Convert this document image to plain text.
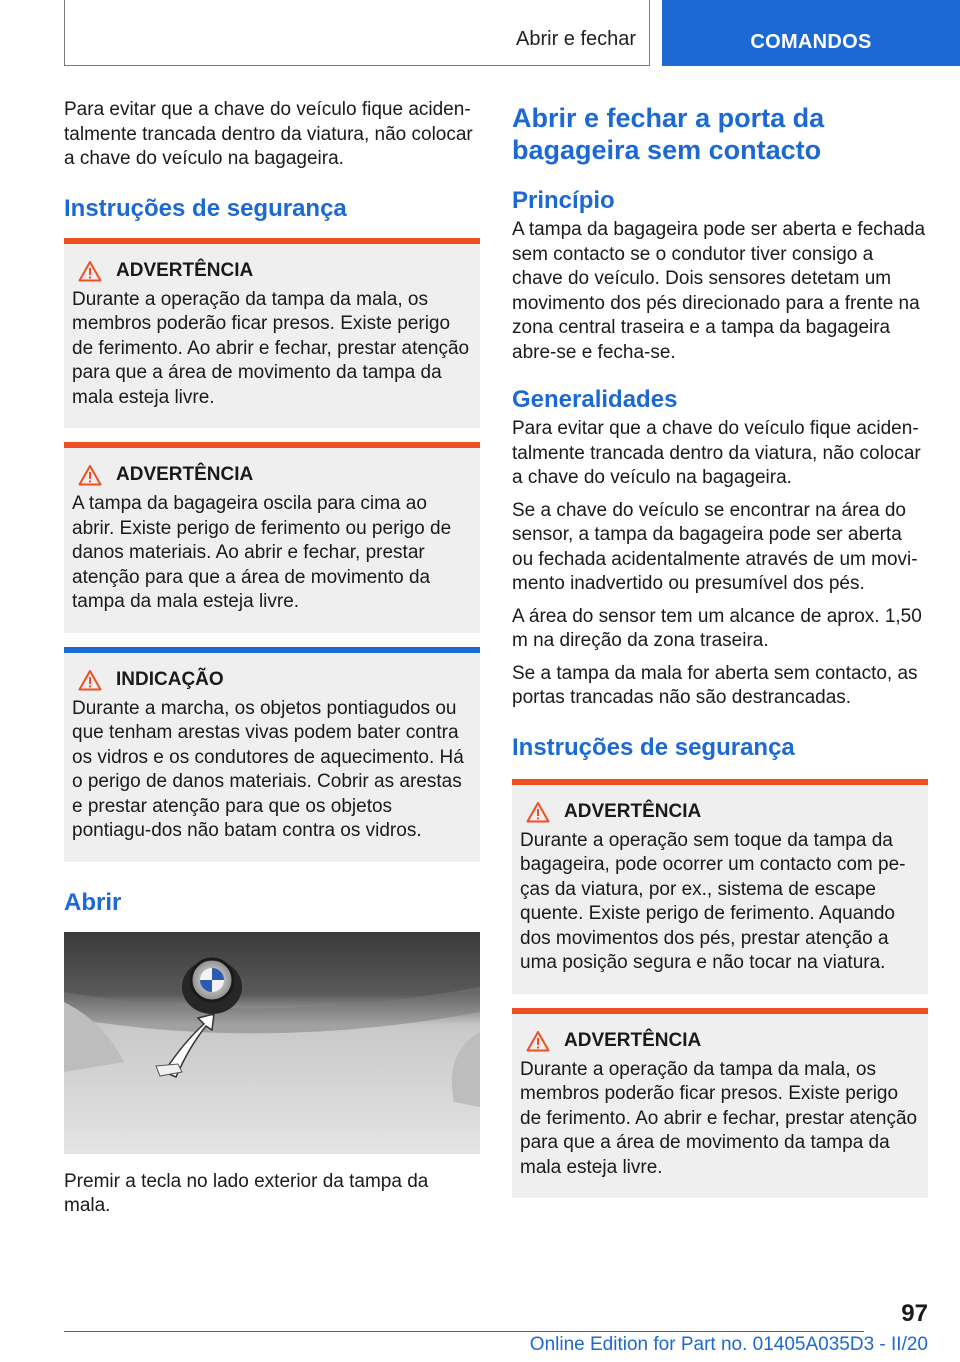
Abrir e fechar	COMANDOS

Para evitar que a chave do veículo fique aciden-talmente trancada dentro da viatura, não colocar a chave do veículo na bagageira.

Instruções de segurança
ADVERTÊNCIA
Durante a operação da tampa da mala, os membros poderão ficar presos. Existe perigo de ferimento. Ao abrir e fechar, prestar atenção para que a área de movimento da tampa da mala esteja livre.
ADVERTÊNCIA
A tampa da bagageira oscila para cima ao abrir. Existe perigo de ferimento ou perigo de danos materiais. Ao abrir e fechar, prestar atenção para que a área de movimento da tampa da mala esteja livre.
INDICAÇÃO
Durante a marcha, os objetos pontiagudos ou que tenham arestas vivas podem bater contra os vidros e os condutores de aquecimento. Há o perigo de danos materiais. Cobrir as arestas e prestar atenção para que os objetos pontiagu-dos não batam contra os vidros.
Abrir
Premir a tecla no lado exterior da tampa da mala.
Abrir e fechar a porta da bagageira sem contacto
Princípio

A tampa da bagageira pode ser aberta e fechada sem contacto se o condutor tiver consigo a chave do veículo. Dois sensores detetam um movimento dos pés direcionado para a frente na zona central traseira e a tampa da bagageira abre-se e fecha-se.

Generalidades

Para evitar que a chave do veículo fique aciden-talmente trancada dentro da viatura, não colocar a chave do veículo na bagageira.

Se a chave do veículo se encontrar na área do sensor, a tampa da bagageira pode ser aberta ou fechada acidentalmente através de um movi-mento inadvertido ou presumível dos pés.

A área do sensor tem um alcance de aprox. 1,50 m na direção da zona traseira.

Se a tampa da mala for aberta sem contacto, as portas trancadas não são destrancadas.

Instruções de segurança
ADVERTÊNCIA
Durante a operação sem toque da tampa da bagageira, pode ocorrer um contacto com pe-ças da viatura, por ex., sistema de escape quente. Existe perigo de ferimento. Aquando dos movimentos dos pés, prestar atenção a uma posição segura e não tocar na viatura.
ADVERTÊNCIA
Durante a operação da tampa da mala, os membros poderão ficar presos. Existe perigo de ferimento. Ao abrir e fechar, prestar atenção para que a área de movimento da tampa da mala esteja livre.
97
Online Edition for Part no. 01405A035D3 - II/20
